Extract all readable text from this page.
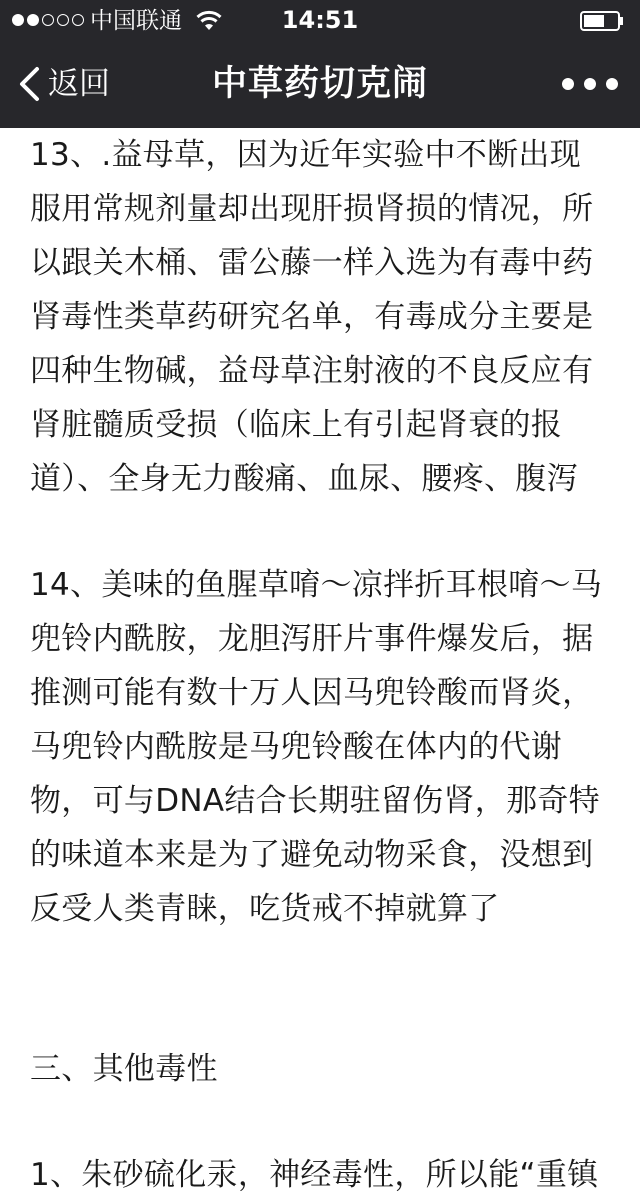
中国联通	14:51
返回	中草药切克闹
13、.益母草，因为近年实验中不断出现
服用常规剂量却出现肝损肾损的情况，所
以跟关木桶、雷公藤一样入选为有毒中药
肾毒性类草药研究名单，有毒成分主要是
四种生物碱，益母草注射液的不良反应有
肾脏髓质受损（临床上有引起肾衰的报
道）、全身无力酸痛、血尿、腰疼、腹泻
14、美味的鱼腥草唷～凉拌折耳根唷～马
兜铃内酰胺，龙胆泻肝片事件爆发后，据
推测可能有数十万人因马兜铃酸而肾炎，
马兜铃内酰胺是马兜铃酸在体内的代谢
物，可与DNA结合长期驻留伤肾，那奇特
的味道本来是为了避免动物采食，没想到
反受人类青睐，吃货戒不掉就算了
三、其他毒性
1、朱砂硫化汞，神经毒性，所以能“重镇
